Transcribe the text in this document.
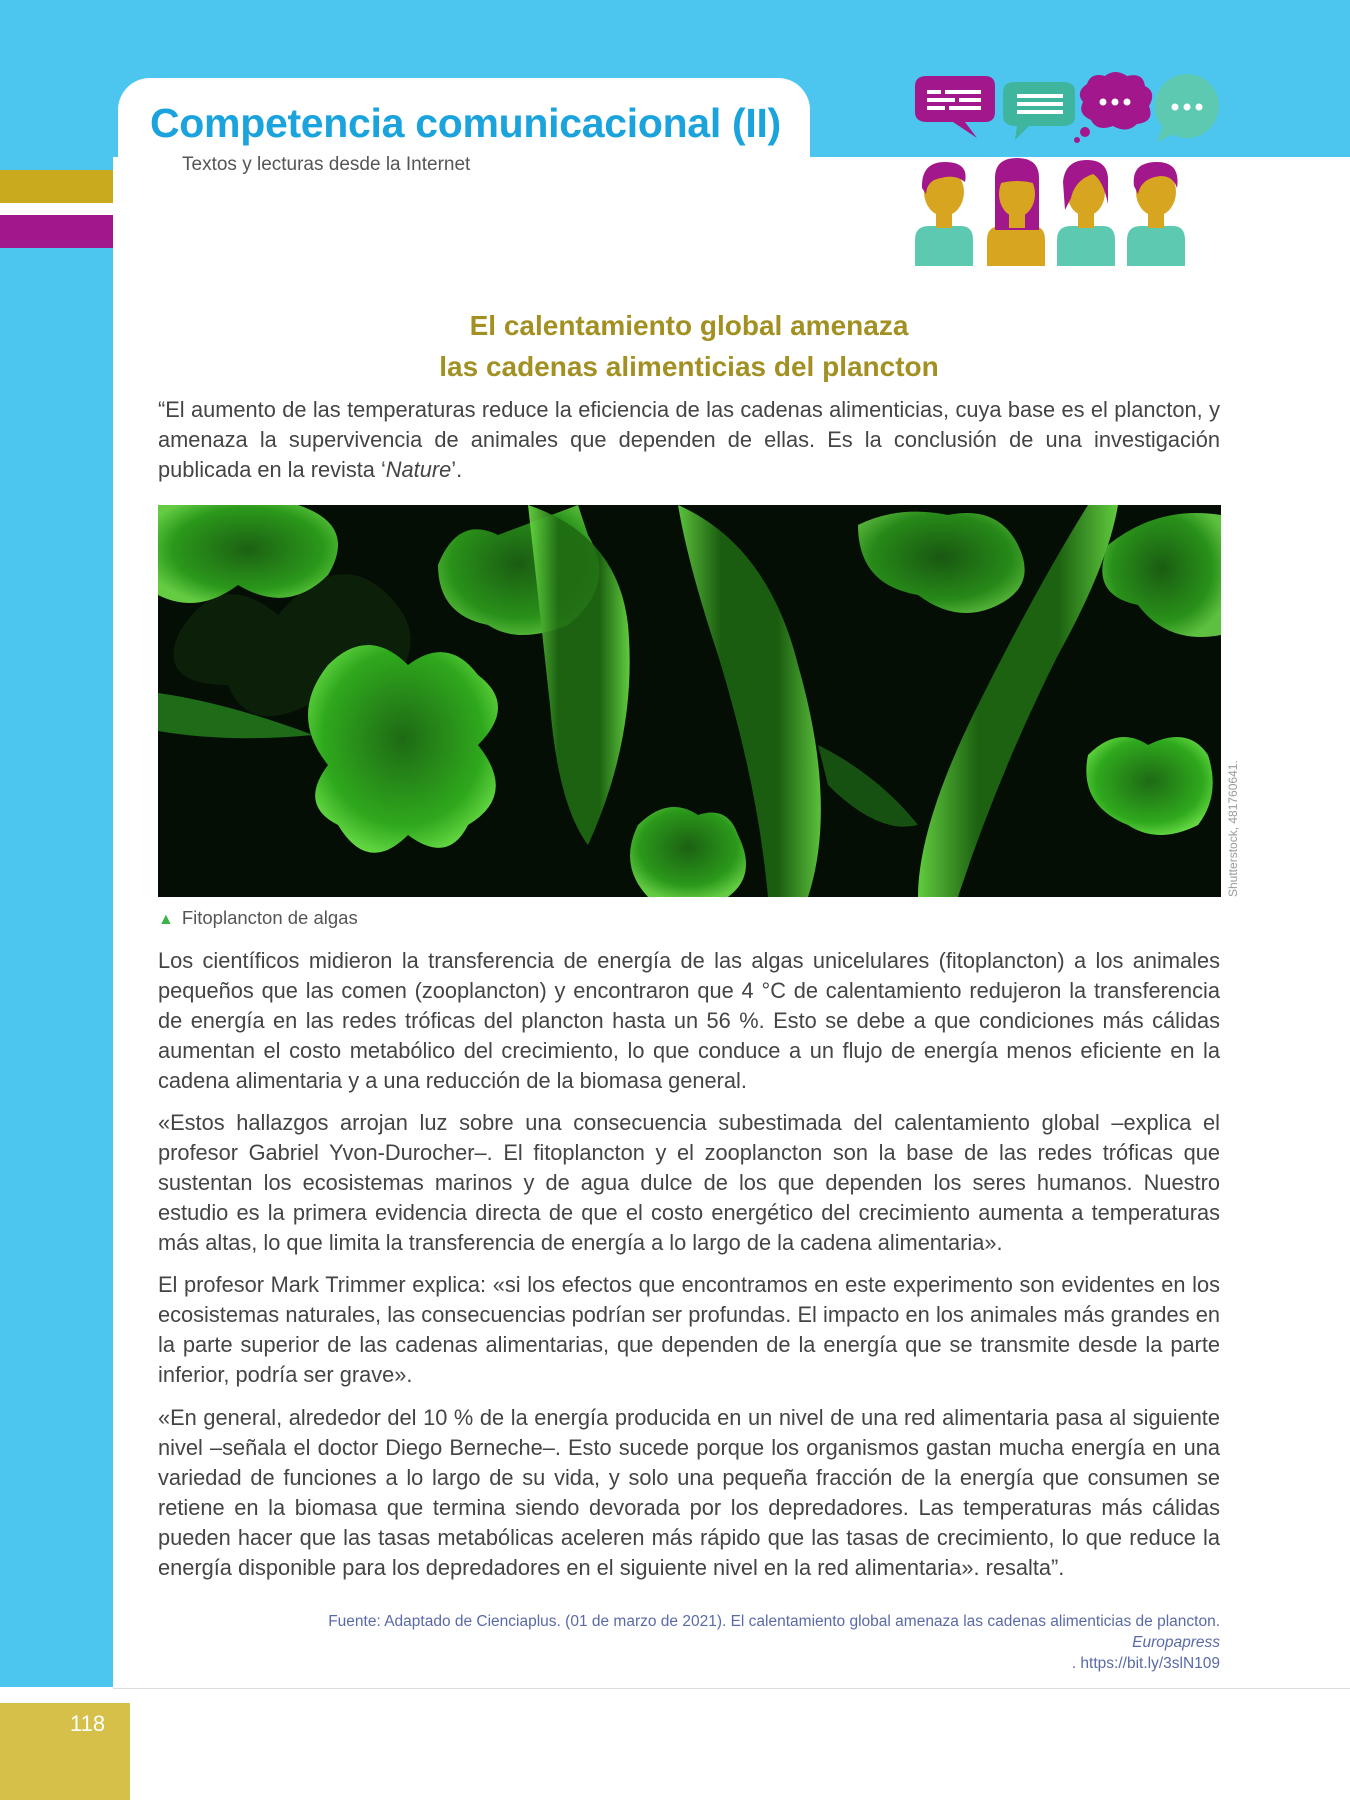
Competencia comunicacional (II)

Textos y lecturas desde la Internet

El calentamiento global amenaza
las cadenas alimenticias del plancton

“El aumento de las temperaturas reduce la eficiencia de las cadenas alimenticias, cuya base es el plancton, y amenaza la supervivencia de animales que dependen de ellas. Es la conclusión de una investigación publicada en la revista ‘Nature’.

Shutterstock, 481760641.

▲ Fitoplancton de algas

Los científicos midieron la transferencia de energía de las algas unicelulares (fitoplancton) a los animales pequeños que las comen (zooplancton) y encontraron que 4 °C de calentamiento redujeron la transferencia de energía en las redes tróficas del plancton hasta un 56 %. Esto se debe a que condiciones más cálidas aumentan el costo metabólico del crecimiento, lo que conduce a un flujo de energía menos eficiente en la cadena alimentaria y a una reducción de la biomasa general.

«Estos hallazgos arrojan luz sobre una consecuencia subestimada del calentamiento global –explica el profesor Gabriel Yvon-Durocher–. El fitoplancton y el zooplancton son la base de las redes tróficas que sustentan los ecosistemas marinos y de agua dulce de los que dependen los seres humanos. Nuestro estudio es la primera evidencia directa de que el costo energético del crecimiento aumenta a temperaturas más altas, lo que limita la transferencia de energía a lo largo de la cadena alimentaria».

El profesor Mark Trimmer explica: «si los efectos que encontramos en este experimento son evidentes en los ecosistemas naturales, las consecuencias podrían ser profundas. El impacto en los animales más grandes en la parte superior de las cadenas alimentarias, que dependen de la energía que se transmite desde la parte inferior, podría ser grave».

«En general, alrededor del 10 % de la energía producida en un nivel de una red alimentaria pasa al siguiente nivel –señala el doctor Diego Berneche–. Esto sucede porque los organismos gastan mucha energía en una variedad de funciones a lo largo de su vida, y solo una pequeña fracción de la energía que consumen se retiene en la biomasa que termina siendo devorada por los depredadores. Las temperaturas más cálidas pueden hacer que las tasas metabólicas aceleren más rápido que las tasas de crecimiento, lo que reduce la energía disponible para los depredadores en el siguiente nivel en la red alimentaria». resalta”.

Fuente: Adaptado de Cienciaplus. (01 de marzo de 2021). El calentamiento global amenaza las cadenas alimenticias de plancton.
Europapress
. https://bit.ly/3slN109
118
